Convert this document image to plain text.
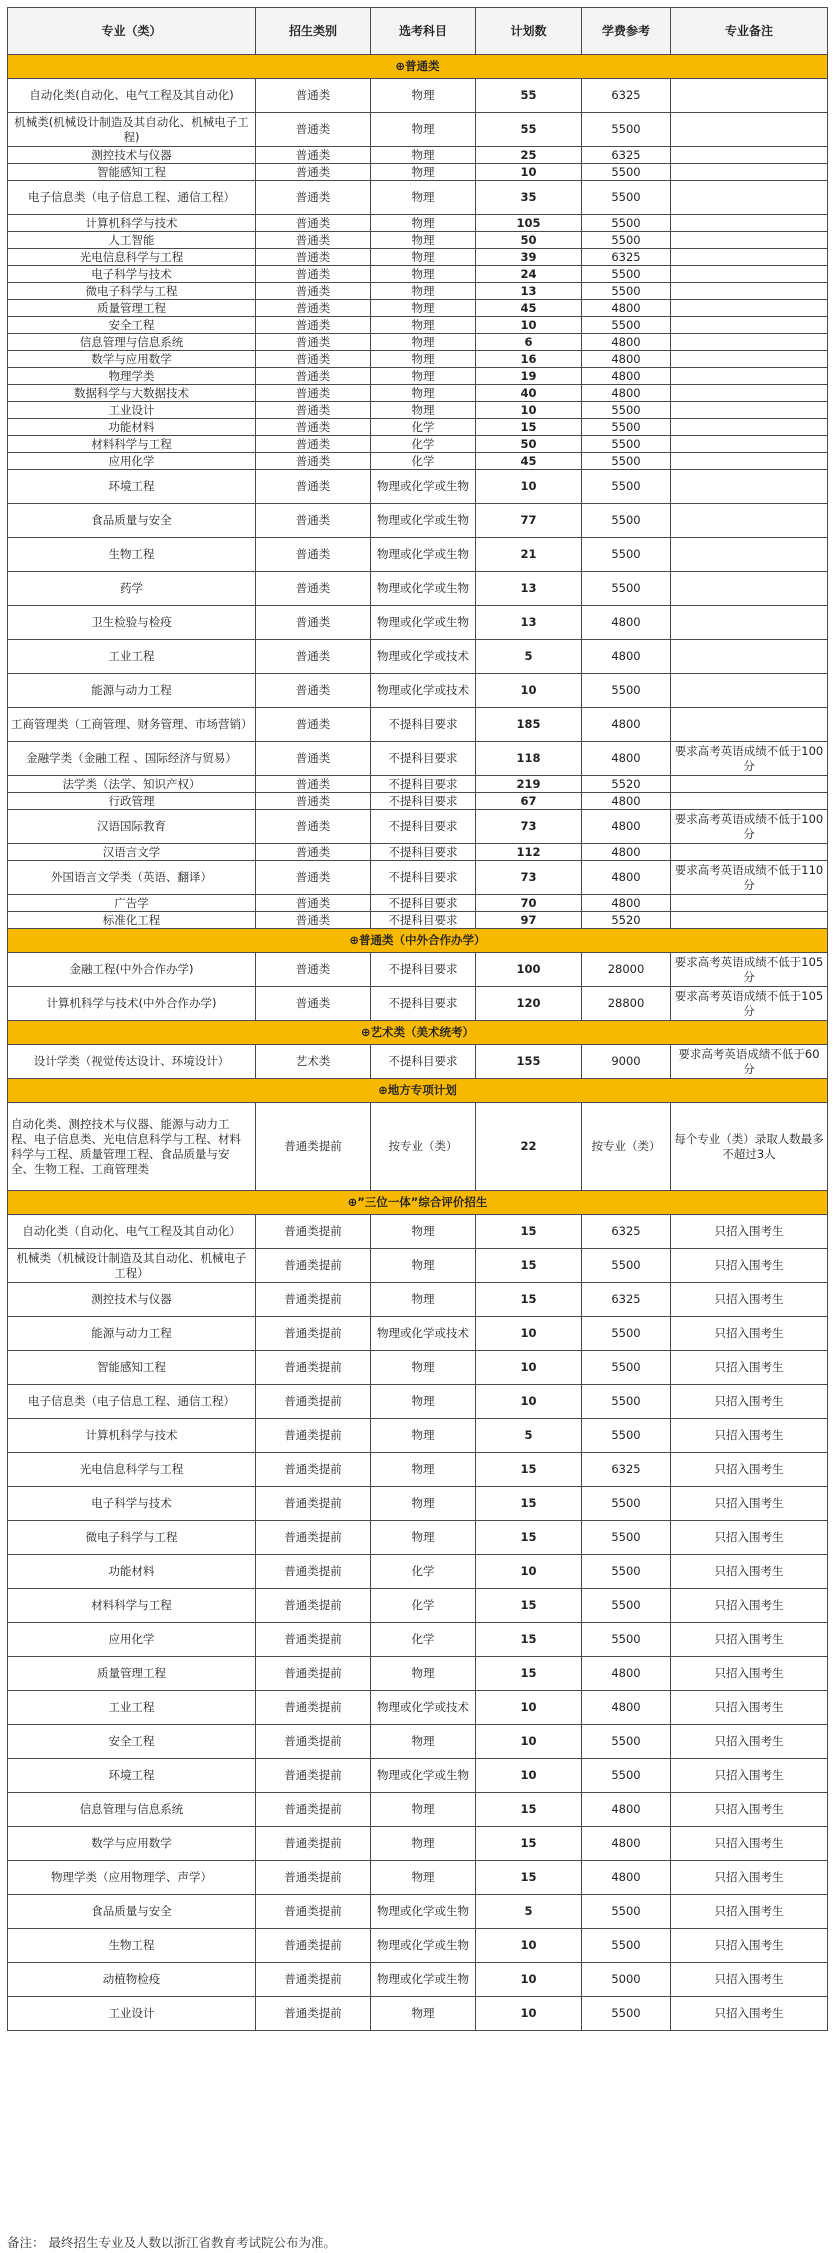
专业（类）	招生类别	选考科目	计划数	学费参考	专业备注
⊕普通类					
自动化类(自动化、电气工程及其自动化)	普通类	物理	55	6325	
机械类(机械设计制造及其自动化、机械电子工程)	普通类	物理	55	5500	
测控技术与仪器	普通类	物理	25	6325	
智能感知工程	普通类	物理	10	5500	
电子信息类（电子信息工程、通信工程）	普通类	物理	35	5500	
计算机科学与技术	普通类	物理	105	5500	
人工智能	普通类	物理	50	5500	
光电信息科学与工程	普通类	物理	39	6325	
电子科学与技术	普通类	物理	24	5500	
微电子科学与工程	普通类	物理	13	5500	
质量管理工程	普通类	物理	45	4800	
安全工程	普通类	物理	10	5500	
信息管理与信息系统	普通类	物理	6	4800	
数学与应用数学	普通类	物理	16	4800	
物理学类	普通类	物理	19	4800	
数据科学与大数据技术	普通类	物理	40	4800	
工业设计	普通类	物理	10	5500	
功能材料	普通类	化学	15	5500	
材料科学与工程	普通类	化学	50	5500	
应用化学	普通类	化学	45	5500	
环境工程	普通类	物理或化学或生物	10	5500	
食品质量与安全	普通类	物理或化学或生物	77	5500	
生物工程	普通类	物理或化学或生物	21	5500	
药学	普通类	物理或化学或生物	13	5500	
卫生检验与检疫	普通类	物理或化学或生物	13	4800	
工业工程	普通类	物理或化学或技术	5	4800	
能源与动力工程	普通类	物理或化学或技术	10	5500	
工商管理类（工商管理、财务管理、市场营销）	普通类	不提科目要求	185	4800	
金融学类（金融工程 、国际经济与贸易）	普通类	不提科目要求	118	4800	要求高考英语成绩不低于100分
法学类（法学、知识产权）	普通类	不提科目要求	219	5520	
行政管理	普通类	不提科目要求	67	4800	
汉语国际教育	普通类	不提科目要求	73	4800	要求高考英语成绩不低于100分
汉语言文学	普通类	不提科目要求	112	4800	
外国语言文学类（英语、翻译）	普通类	不提科目要求	73	4800	要求高考英语成绩不低于110分
广告学	普通类	不提科目要求	70	4800	
标准化工程	普通类	不提科目要求	97	5520	
⊕普通类（中外合作办学）					
金融工程(中外合作办学)	普通类	不提科目要求	100	28000	要求高考英语成绩不低于105分
计算机科学与技术(中外合作办学)	普通类	不提科目要求	120	28800	要求高考英语成绩不低于105分
⊕艺术类（美术统考）					
设计学类（视觉传达设计、环境设计）	艺术类	不提科目要求	155	9000	要求高考英语成绩不低于60分
⊕地方专项计划					
自动化类、测控技术与仪器、能源与动力工程、电子信息类、光电信息科学与工程、材料科学与工程、质量管理工程、食品质量与安全、生物工程、工商管理类	普通类提前	按专业（类）	22	按专业（类）	每个专业（类）录取人数最多不超过3人
⊕”三位一体”综合评价招生					
自动化类（自动化、电气工程及其自动化）	普通类提前	物理	15	6325	只招入围考生
机械类（机械设计制造及其自动化、机械电子工程）	普通类提前	物理	15	5500	只招入围考生
测控技术与仪器	普通类提前	物理	15	6325	只招入围考生
能源与动力工程	普通类提前	物理或化学或技术	10	5500	只招入围考生
智能感知工程	普通类提前	物理	10	5500	只招入围考生
电子信息类（电子信息工程、通信工程）	普通类提前	物理	10	5500	只招入围考生
计算机科学与技术	普通类提前	物理	5	5500	只招入围考生
光电信息科学与工程	普通类提前	物理	15	6325	只招入围考生
电子科学与技术	普通类提前	物理	15	5500	只招入围考生
微电子科学与工程	普通类提前	物理	15	5500	只招入围考生
功能材料	普通类提前	化学	10	5500	只招入围考生
材料科学与工程	普通类提前	化学	15	5500	只招入围考生
应用化学	普通类提前	化学	15	5500	只招入围考生
质量管理工程	普通类提前	物理	15	4800	只招入围考生
工业工程	普通类提前	物理或化学或技术	10	4800	只招入围考生
安全工程	普通类提前	物理	10	5500	只招入围考生
环境工程	普通类提前	物理或化学或生物	10	5500	只招入围考生
信息管理与信息系统	普通类提前	物理	15	4800	只招入围考生
数学与应用数学	普通类提前	物理	15	4800	只招入围考生
物理学类（应用物理学、声学）	普通类提前	物理	15	4800	只招入围考生
食品质量与安全	普通类提前	物理或化学或生物	5	5500	只招入围考生
生物工程	普通类提前	物理或化学或生物	10	5500	只招入围考生
动植物检疫	普通类提前	物理或化学或生物	10	5000	只招入围考生
工业设计	普通类提前	物理	10	5500	只招入围考生
备注： 最终招生专业及人数以浙江省教育考试院公布为准。
